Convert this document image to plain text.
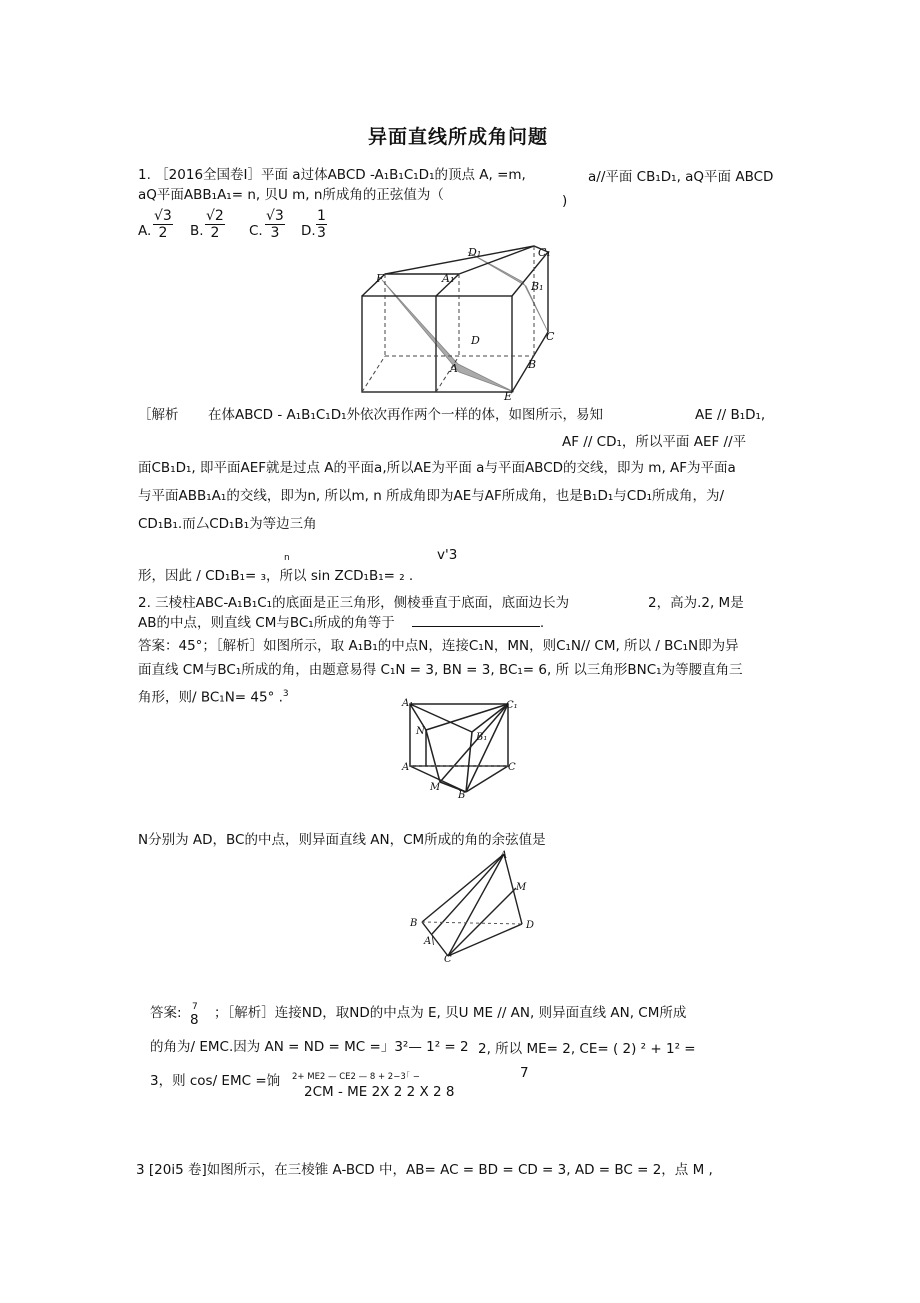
异面直线所成角问题
1. ［2016全国卷Ⅰ］平面 a过体ABCD -A₁B₁C₁D₁的顶点 A, =m,	a//平面 CB₁D₁, aQ平面 ABCD
aQ平面ABB₁A₁= n, 贝U m, n所成角的正弦值为（	)
A. $\frac{√3}{2} B$. $\frac{√2}{2} C$. $\frac{√3}{3} D$. $\frac{1}{3}$
F	A₁
D₁	C₁
B₁
C
D
A	B
E
［解析 在体ABCD - A₁B₁C₁D₁外依次再作两个一样的体，如图所示，易知	AE // B₁D₁,
AF // CD₁，所以平面 AEF //平
面CB₁D₁, 即平面AEF就是过点 A的平面a,所以AE为平面 a与平面ABCD的交线，即为 m, AF为平面a
与平面ABB₁A₁的交线，即为n, 所以m, n 所成角即为AE与AF所成角，也是B₁D₁与CD₁所成角，为/
CD₁B₁.而厶CD₁B₁为等边三角
n	v'3
形，因此 / CD₁B₁= ₃，所以 sin ZCD₁B₁= ₂ .
2. 三棱柱ABC-A₁B₁C₁的底面是正三角形，侧棱垂直于底面，底面边长为	2，高为.2, M是
AB的中点，则直线 CM与BC₁所成的角等于	.
答案：45°；［解析］如图所示，取 A₁B₁的中点N，连接C₁N，MN，则C₁N// CM, 所以 / BC₁N即为异
面直线 CM与BC₁所成的角，由题意易得 C₁N = 3, BN = 3, BC₁= 6, 所 以三角形BNC₁为等腰直角三
角形，则/ BC₁N= 45° .$^3$
A₁	C₁
N
B₁
A	C
M
B
N分别为 AD，BC的中点，则异面直线 AN，CM所成的角的余弦值是
A
M
B	D
A\
C
答案: 7
8 ；［解析］连接ND，取ND的中点为 E, 贝U ME // AN, 则异面直线 AN, CM所成
的角为/ EMC.因为 AN = ND = MC =」3²— 1² = 2 2, 所以 ME= 2, CE= ( 2) ² + 1² =
3，则 cos/ EMC =饷 2+ ME2 — CE2 — 8 + 2−3｢ −	7
2CM - ME 2X 2 2 X 2 8
3 [20i5 卷]如图所示，在三棱锥 A-BCD 中，AB= AC = BD = CD = 3, AD = BC = 2，点 M ,
